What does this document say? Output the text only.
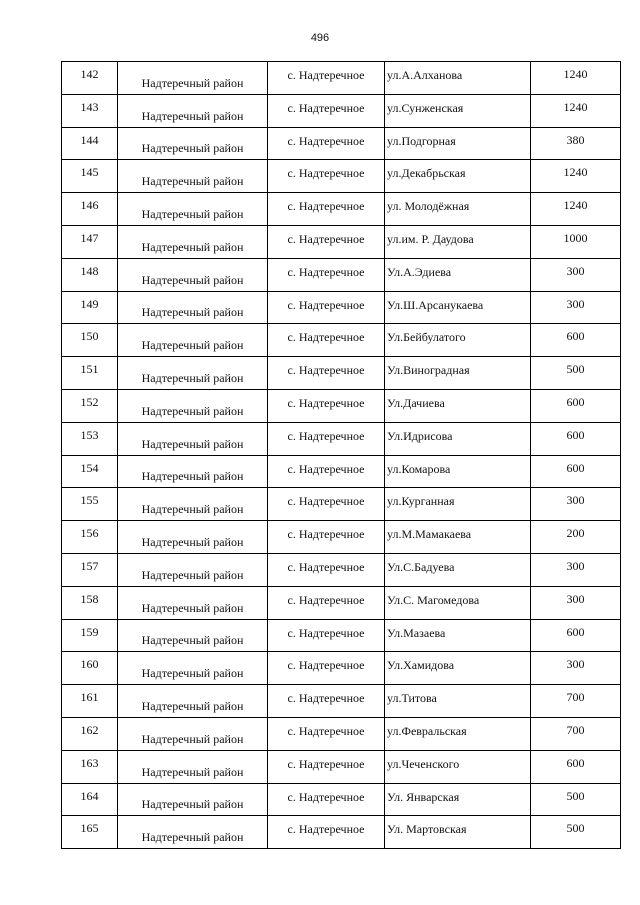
496
142	Надтеречный район	с. Надтеречное	ул.А.Алханова	1240

143	Надтеречный район	с. Надтеречное	ул.Сунженская	1240

144	Надтеречный район	с. Надтеречное	ул.Подгорная	380

145	Надтеречный район	с. Надтеречное	ул.Декабрьская	1240

146	Надтеречный район	с. Надтеречное	ул. Молодёжная	1240

147	Надтеречный район	с. Надтеречное	ул.им. Р. Даудова	1000

148	Надтеречный район	с. Надтеречное	Ул.А.Эдиева	300

149	Надтеречный район	с. Надтеречное	Ул.Ш.Арсанукаева	300

150	Надтеречный район	с. Надтеречное	Ул.Бейбулатого	600

151	Надтеречный район	с. Надтеречное	Ул.Виноградная	500

152	Надтеречный район	с. Надтеречное	Ул.Дачиева	600

153	Надтеречный район	с. Надтеречное	Ул.Идрисова	600

154	Надтеречный район	с. Надтеречное	ул.Комарова	600

155	Надтеречный район	с. Надтеречное	ул.Курганная	300

156	Надтеречный район	с. Надтеречное	ул.М.Мамакаева	200

157	Надтеречный район	с. Надтеречное	Ул.С.Бадуева	300

158	Надтеречный район	с. Надтеречное	Ул.С. Магомедова	300

159	Надтеречный район	с. Надтеречное	Ул.Мазаева	600

160	Надтеречный район	с. Надтеречное	Ул.Хамидова	300

161	Надтеречный район	с. Надтеречное	ул.Титова	700

162	Надтеречный район	с. Надтеречное	ул.Февральская	700

163	Надтеречный район	с. Надтеречное	ул.Чеченского	600

164	Надтеречный район	с. Надтеречное	Ул. Январская	500

165	Надтеречный район	с. Надтеречное	Ул. Мартовская	500
